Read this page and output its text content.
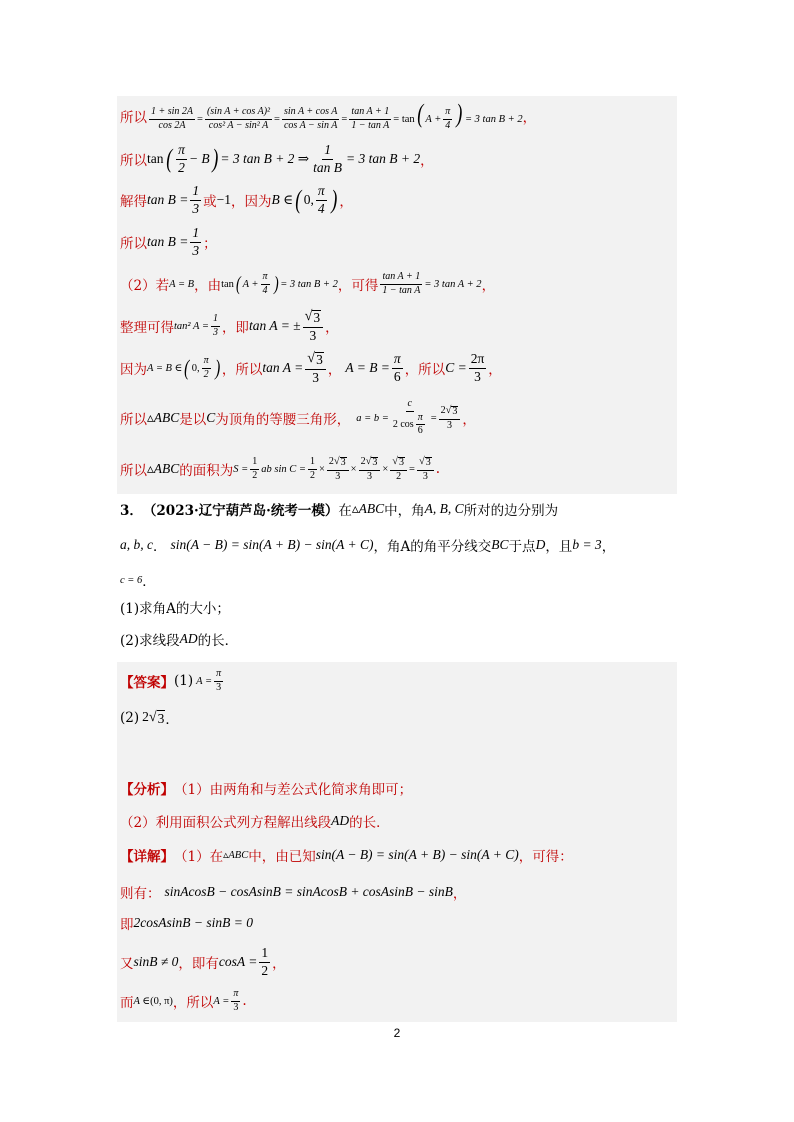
所以 $\frac{1 + \sin 2A}{\cos 2A} = \frac{\text{(sin A + cos A)²}}{\text{cos² A − sin² A}} = \frac{\text{sin A + cos A}}{\text{cos A − sin A}} = \frac{\text{tan A + 1}}{\text{1 − tan A}} = \tan$( $A + \frac{\pi}{4}$ ) = 3 tan B + 2 ，
所以 tan ( $\frac{\pi}{2} - B$ ) = 3 tan B + 2 ⇒ $\frac{1}{\text{tan B}} = 3$ tan B + 2 ，
解得 $\tan B = \frac{1}{3}$ 或 −1 ，因为 B ∈ ( 0, $\frac{\pi}{4}$ ) ，
所以 $\tan B = \frac{1}{3}$ ；
（2）若 A = B ，由 tan ( $A + \frac{\pi}{4}$ ) = 3 tan B + 2 ，可得 $\frac{\text{tan A + 1}}{\text{1 − tan A}} = 3$ tan A + 2 ，
整理可得 tan² $A = \frac{1}{3}$ ，即 tan A = ± $\frac{√ 3}{3}$ ，
因为 A = B ∈ ( 0, $\frac{\pi}{2}$ ) ，所以 $\tan A = \frac{√ 3}{3}$ ， $A = B = \frac{\pi}{6}$ ，所以 $C = \frac{2\pi}{3}$ ，
所以 ▵ABC 是以 C 为顶角的等腰三角形， $a = b = \frac{c}{2 \cos \frac{\pi}{6}} = \frac{2 √ 3}{3}$ ，
所以 ▵ABC 的面积为 $S = \frac{1}{2}$ ab $\sin C = \frac{1}{2} \times \frac{2 √ 3}{3} \times \frac{2 √ 3}{3} \times \frac{√ 3}{2} = \frac{√ 3}{3}$ .
3． （2023·辽宁葫芦岛·统考一模） 在 ▵ABC 中，角 A, B, C 所对的边分别为
a, b, c ． sin(A − B) = sin(A + B) − sin(A + C) ，角A的角平分线交 BC 于点 D ，且 b = 3 ，
c = 6 ．
(1)求角A的大小；
(2)求线段 AD 的长．
【答案】 (1) $A = \frac{\pi}{3}$
(2) 2 √ 3 ．
【分析】 （1）由两角和与差公式化简求角即可；
（2）利用面积公式列方程解出线段 AD 的长．
【详解】 （1）在 ▵ABC 中，由已知 sin(A − B) = sin(A + B) − sin(A + C) ，可得：
则有： sinAcosB − cosAsinB = sinAcosB + cosAsinB − sinB ，
即 2cosAsinB − sinB = 0
又 sinB ≠ 0 ，即有 $\cos A = \frac{1}{2}$ ，
而 A ∈ (0, π) ，所以 $A = \frac{\pi}{3}$ .
2
